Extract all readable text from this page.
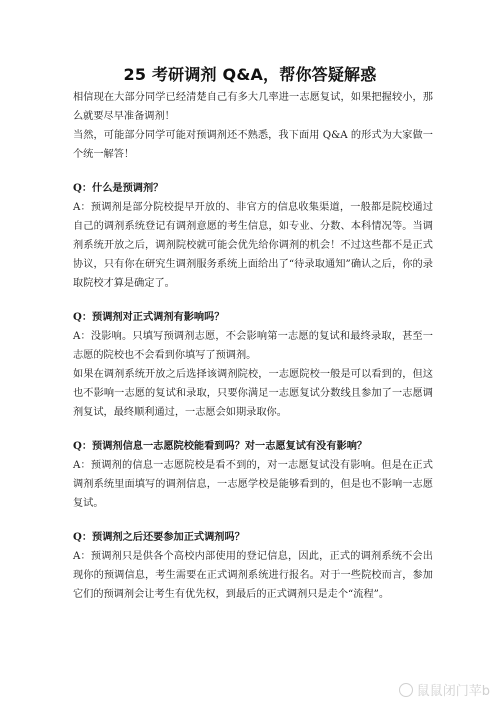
25 考研调剂 Q&A，帮你答疑解惑

相信现在大部分同学已经清楚自己有多大几率进一志愿复试，如果把握较小，那么就要尽早准备调剂！

当然，可能部分同学可能对预调剂还不熟悉，我下面用 Q&A 的形式为大家做一个统一解答！

Q：什么是预调剂？

A：预调剂是部分院校提早开放的、非官方的信息收集渠道，一般都是院校通过自己的调剂系统登记有调剂意愿的考生信息，如专业、分数、本科情况等。当调剂系统开放之后，调剂院校就可能会优先给你调剂的机会！不过这些都不是正式协议，只有你在研究生调剂服务系统上面给出了“待录取通知”确认之后，你的录取院校才算是确定了。

Q：预调剂对正式调剂有影响吗？

A：没影响。只填写预调剂志愿，不会影响第一志愿的复试和最终录取，甚至一志愿的院校也不会看到你填写了预调剂。

如果在调剂系统开放之后选择该调剂院校，一志愿院校一般是可以看到的，但这也不影响一志愿的复试和录取，只要你满足一志愿复试分数线且参加了一志愿调剂复试，最终顺利通过，一志愿会如期录取你。

Q：预调剂信息一志愿院校能看到吗？对一志愿复试有没有影响？

A：预调剂的信息一志愿院校是看不到的，对一志愿复试没有影响。但是在正式调剂系统里面填写的调剂信息，一志愿学校是能够看到的，但是也不影响一志愿复试。

Q：预调剂之后还要参加正式调剂吗？

A：预调剂只是供各个高校内部使用的登记信息，因此，正式的调剂系统不会出现你的预调信息，考生需要在正式调剂系统进行报名。对于一些院校而言，参加它们的预调剂会让考生有优先权，到最后的正式调剂只是走个“流程”。

鼠鼠闭门苹b
